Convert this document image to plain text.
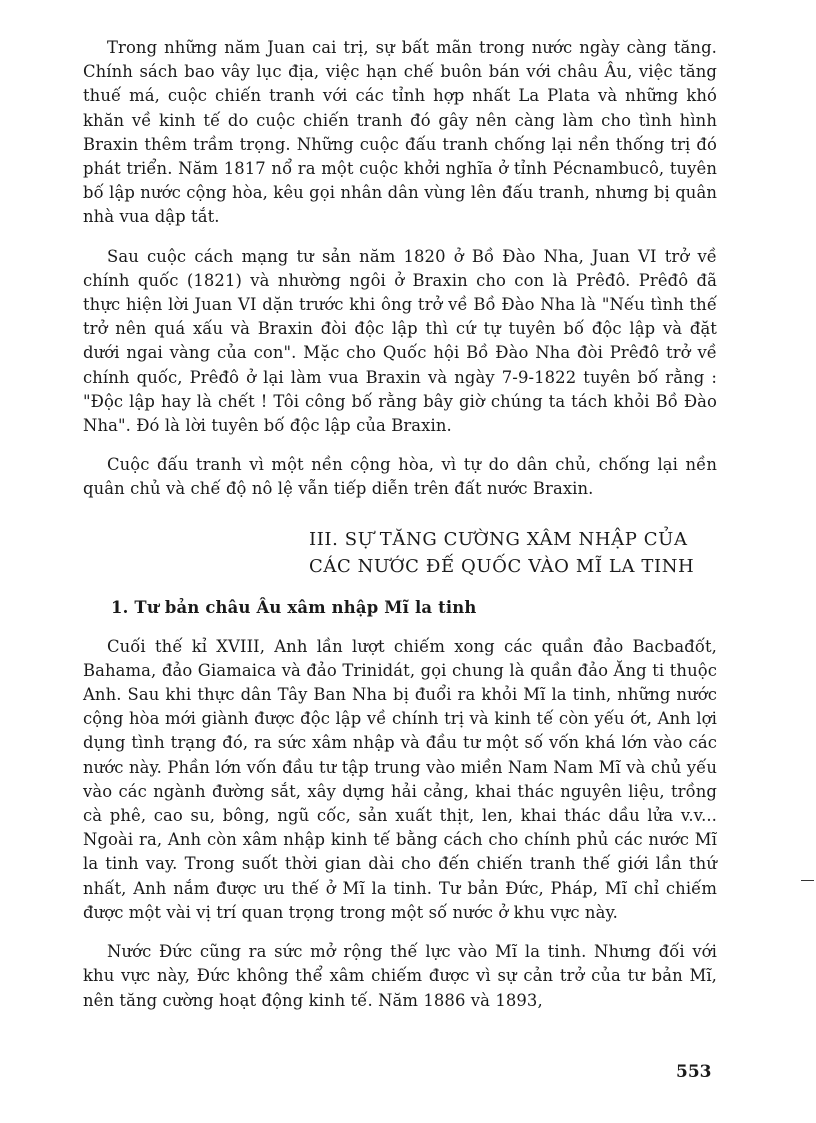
Trong những năm Juan cai trị, sự bất mãn trong nước ngày càng tăng. Chính sách bao vây lục địa, việc hạn chế buôn bán với châu Âu, việc tăng thuế má, cuộc chiến tranh với các tỉnh hợp nhất La Plata và những khó khăn về kinh tế do cuộc chiến tranh đó gây nên càng làm cho tình hình Braxin thêm trầm trọng. Những cuộc đấu tranh chống lại nền thống trị đó phát triển. Năm 1817 nổ ra một cuộc khởi nghĩa ở tỉnh Pécnambucô, tuyên bố lập nước cộng hòa, kêu gọi nhân dân vùng lên đấu tranh, nhưng bị quân nhà vua dập tắt.

Sau cuộc cách mạng tư sản năm 1820 ở Bồ Đào Nha, Juan VI trở về chính quốc (1821) và nhường ngôi ở Braxin cho con là Prêđô. Prêđô đã thực hiện lời Juan VI dặn trước khi ông trở về Bồ Đào Nha là "Nếu tình thế trở nên quá xấu và Braxin đòi độc lập thì cứ tự tuyên bố độc lập và đặt dưới ngai vàng của con". Mặc cho Quốc hội Bồ Đào Nha đòi Prêđô trở về chính quốc, Prêđô ở lại làm vua Braxin và ngày 7-9-1822 tuyên bố rằng : "Độc lập hay là chết ! Tôi công bố rằng bây giờ chúng ta tách khỏi Bồ Đào Nha". Đó là lời tuyên bố độc lập của Braxin.

Cuộc đấu tranh vì một nền cộng hòa, vì tự do dân chủ, chống lại nền quân chủ và chế độ nô lệ vẫn tiếp diễn trên đất nước Braxin.

III. SỰ TĂNG CƯỜNG XÂM NHẬP CỦA
CÁC NƯỚC ĐẾ QUỐC VÀO MĨ LA TINH
1. Tư bản châu Âu xâm nhập Mĩ la tinh

Cuối thế kỉ XVIII, Anh lần lượt chiếm xong các quần đảo Bacbađốt, Bahama, đảo Giamaica và đảo Trinidát, gọi chung là quần đảo Ăng ti thuộc Anh. Sau khi thực dân Tây Ban Nha bị đuổi ra khỏi Mĩ la tinh, những nước cộng hòa mới giành được độc lập về chính trị và kinh tế còn yếu ớt, Anh lợi dụng tình trạng đó, ra sức xâm nhập và đầu tư một số vốn khá lớn vào các nước này. Phần lớn vốn đầu tư tập trung vào miền Nam Nam Mĩ và chủ yếu vào các ngành đường sắt, xây dựng hải cảng, khai thác nguyên liệu, trồng cà phê, cao su, bông, ngũ cốc, sản xuất thịt, len, khai thác dầu lửa v.v... Ngoài ra, Anh còn xâm nhập kinh tế bằng cách cho chính phủ các nước Mĩ la tinh vay. Trong suốt thời gian dài cho đến chiến tranh thế giới lần thứ nhất, Anh nắm được ưu thế ở Mĩ la tinh. Tư bản Đức, Pháp, Mĩ chỉ chiếm được một vài vị trí quan trọng trong một số nước ở khu vực này.

Nước Đức cũng ra sức mở rộng thế lực vào Mĩ la tinh. Nhưng đối với khu vực này, Đức không thể xâm chiếm được vì sự cản trở của tư bản Mĩ, nên tăng cường hoạt động kinh tế. Năm 1886 và 1893,

553
